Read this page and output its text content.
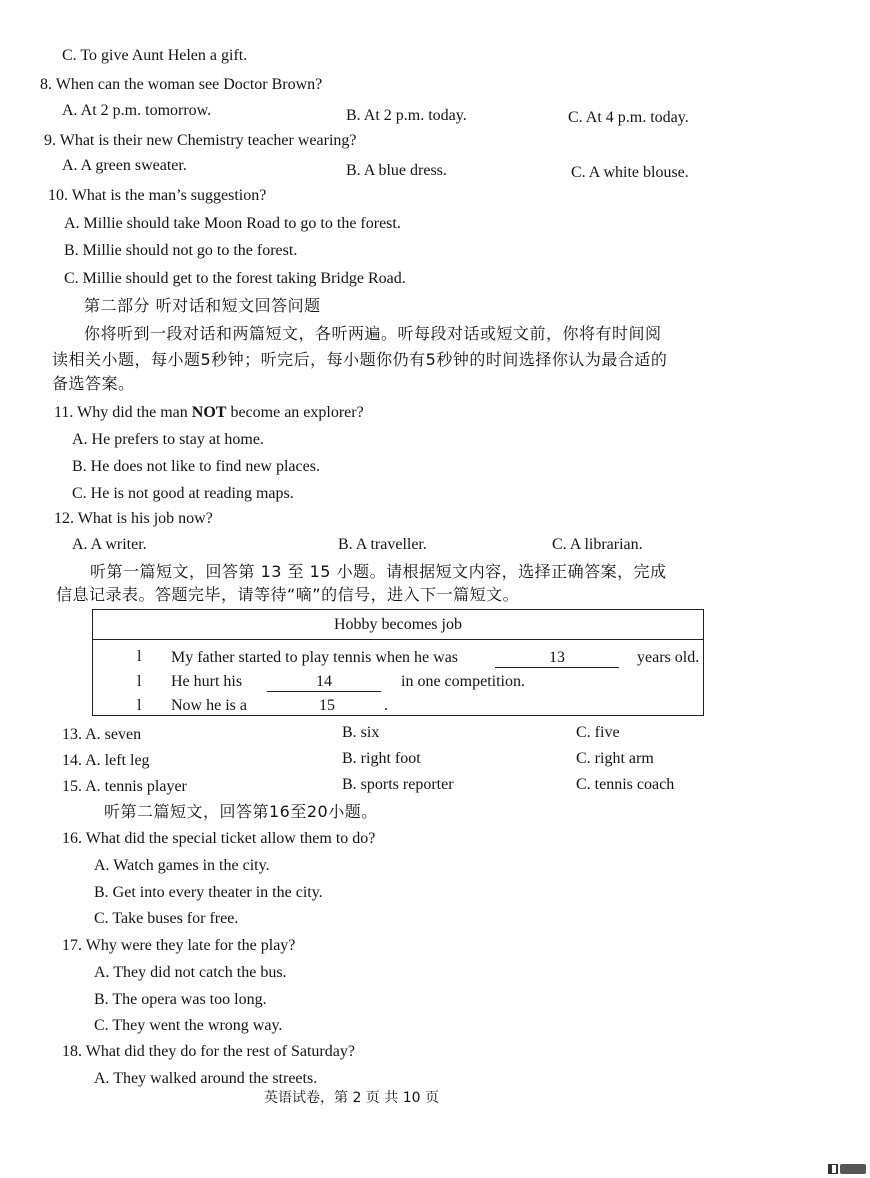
C. To give Aunt Helen a gift.
8. When can the woman see Doctor Brown?
A. At 2 p.m. tomorrow.	B. At 2 p.m. today.	C. At 4 p.m. today.
9. What is their new Chemistry teacher wearing?
A. A green sweater.	B. A blue dress.	C. A white blouse.
10. What is the man’s suggestion?
A. Millie should take Moon Road to go to the forest.
B. Millie should not go to the forest.
C. Millie should get to the forest taking Bridge Road.
第二部分 听对话和短文回答问题
你将听到一段对话和两篇短文，各听两遍。听每段对话或短文前，你将有时间阅
读相关小题，每小题5秒钟；听完后，每小题你仍有5秒钟的时间选择你认为最合适的
备选答案。
11. Why did the man NOT become an explorer?
A. He prefers to stay at home.
B. He does not like to find new places.
C. He is not good at reading maps.
12. What is his job now?
A. A writer.	B. A traveller.	C. A librarian.
听第一篇短文，回答第 13 至 15 小题。请根据短文内容，选择正确答案，完成
信息记录表。答题完毕，请等待“嘀”的信号，进入下一篇短文。
Hobby becomes job
l My father started to play tennis when he was	13	years old.
l He hurt his	14	in one competition.
l Now he is a	15	.
13. A. seven	B. six	C. five
14. A. left leg	B. right foot	C. right arm
15. A. tennis player	B. sports reporter	C. tennis coach
听第二篇短文，回答第16至20小题。
16. What did the special ticket allow them to do?
A. Watch games in the city.
B. Get into every theater in the city.
C. Take buses for free.
17. Why were they late for the play?
A. They did not catch the bus.
B. The opera was too long.
C. They went the wrong way.
18. What did they do for the rest of Saturday?
A. They walked around the streets.
英语试卷，第 2 页 共 10 页
